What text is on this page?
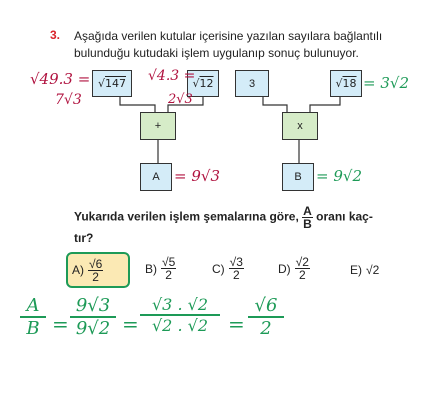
3. Aşağıda verilen kutular içerisine yazılan sayılara bağlantılı bulunduğu kutudaki işlem uygulanıp sonuç bulunuyor.
√147	√12
+
A
3	√18
x
B
√49.3 =
7√3
√4.3 =
2√3
= 9√3
= 3√2
= 9√2
Yukarıda verilen işlem şemalarına göre, $\frac{A}{B}$ oranı kaç-
tır?
$A) \frac{√6}{2}$	$B) \frac{√5}{2}$	$C) \frac{√3}{2}$	$D) \frac{√2}{2}$	E) √2
A
B =
9√3
9√2 =
√3 . √2
√2 . √2	=
√6
2
